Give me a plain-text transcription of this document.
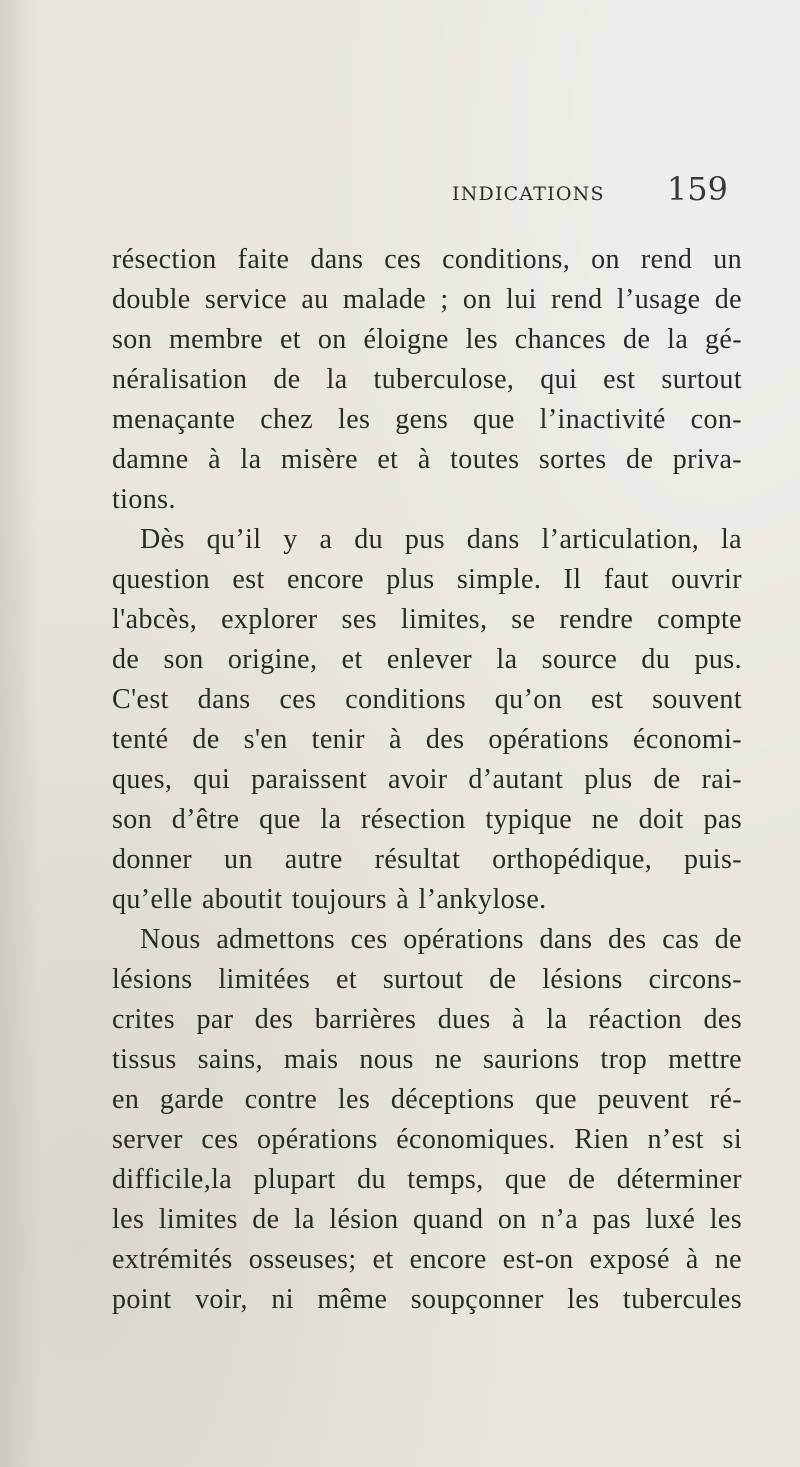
INDICATIONS 159
résection faite dans ces conditions, on rend un
double service au malade ; on lui rend l’usage de
son membre et on éloigne les chances de la gé-
néralisation de la tuberculose, qui est surtout
menaçante chez les gens que l’inactivité con-
damne à la misère et à toutes sortes de priva-
tions.
Dès qu’il y a du pus dans l’articulation, la
question est encore plus simple. Il faut ouvrir
l'abcès, explorer ses limites, se rendre compte
de son origine, et enlever la source du pus.
C'est dans ces conditions qu’on est souvent
tenté de s'en tenir à des opérations économi-
ques, qui paraissent avoir d’autant plus de rai-
son d’être que la résection typique ne doit pas
donner un autre résultat orthopédique, puis-
qu’elle aboutit toujours à l’ankylose.
Nous admettons ces opérations dans des cas de
lésions limitées et surtout de lésions circons-
crites par des barrières dues à la réaction des
tissus sains, mais nous ne saurions trop mettre
en garde contre les déceptions que peuvent ré-
server ces opérations économiques. Rien n’est si
difficile,la plupart du temps, que de déterminer
les limites de la lésion quand on n’a pas luxé les
extrémités osseuses; et encore est-on exposé à ne
point voir, ni même soupçonner les tubercules
